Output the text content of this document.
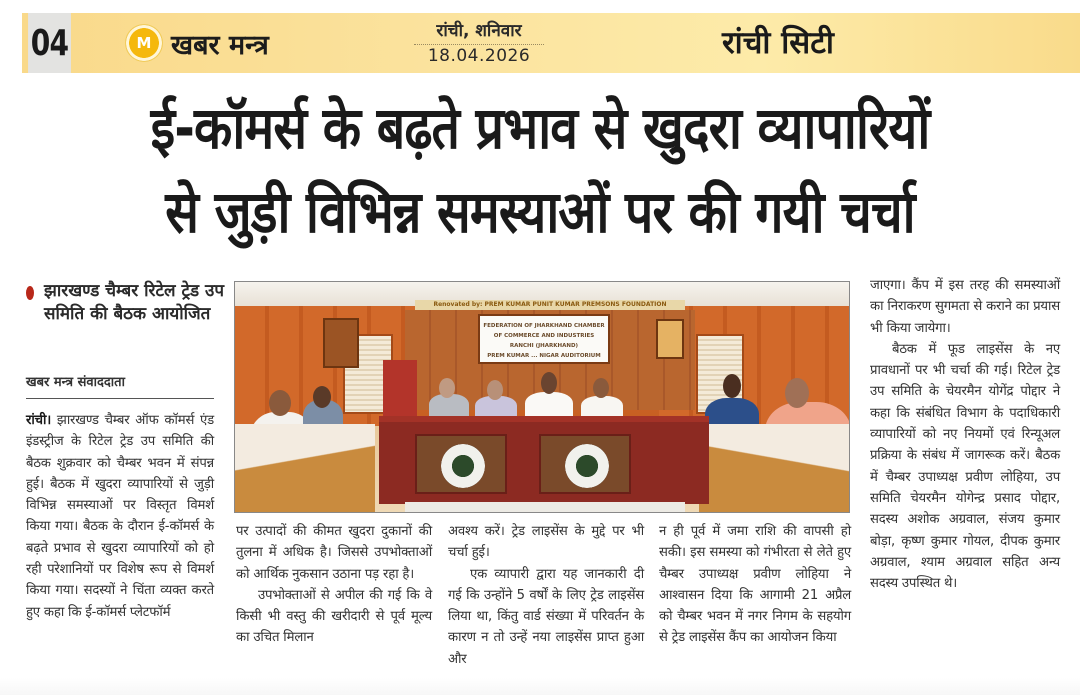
04	M खबर मन्त्र	रांची, शनिवार
18.04.2026	रांची सिटी
ई-कॉमर्स के बढ़ते प्रभाव से खुदरा व्यापारियों
से जुड़ी विभिन्न समस्याओं पर की गयी चर्चा
झारखण्ड चैम्बर रिटेल ट्रेड उप समिति की बैठक आयोजित
खबर मन्त्र संवाददाता

रांची। झारखण्ड चैम्बर ऑफ कॉमर्स एंड इंडस्ट्रीज के रिटेल ट्रेड उप समिति की बैठक शुक्रवार को चैम्बर भवन में संपन्न हुई। बैठक में खुदरा व्यापारियों से जुड़ी विभिन्न समस्याओं पर विस्तृत विमर्श किया गया। बैठक के दौरान ई-कॉमर्स के बढ़ते प्रभाव से खुदरा व्यापारियों को हो रही परेशानियों पर विशेष रूप से विमर्श किया गया। सदस्यों ने चिंता व्यक्त करते हुए कहा कि ई-कॉमर्स प्लेटफॉर्म

पर उत्पादों की कीमत खुदरा दुकानों की तुलना में अधिक है। जिससे उपभोक्ताओं को आर्थिक नुकसान उठाना पड़ रहा है।

उपभोक्ताओं से अपील की गई कि वे किसी भी वस्तु की खरीदारी से पूर्व मूल्य का उचित मिलान

अवश्य करें। ट्रेड लाइसेंस के मुद्दे पर भी चर्चा हुई।

एक व्यापारी द्वारा यह जानकारी दी गई कि उन्होंने 5 वर्षों के लिए ट्रेड लाइसेंस लिया था, किंतु वार्ड संख्या में परिवर्तन के कारण न तो उन्हें नया लाइसेंस प्राप्त हुआ और

न ही पूर्व में जमा राशि की वापसी हो सकी। इस समस्या को गंभीरता से लेते हुए चैम्बर उपाध्यक्ष प्रवीण लोहिया ने आश्वासन दिया कि आगामी 21 अप्रैल को चैम्बर भवन में नगर निगम के सहयोग से ट्रेड लाइसेंस कैंप का आयोजन किया

जाएगा। कैंप में इस तरह की समस्याओं का निराकरण सुगमता से कराने का प्रयास भी किया जायेगा।

बैठक में फूड लाइसेंस के नए प्रावधानों पर भी चर्चा की गई। रिटेल ट्रेड उप समिति के चेयरमैन योगेंद्र पोद्दार ने कहा कि संबंधित विभाग के पदाधिकारी व्यापारियों को नए नियमों एवं रिन्यूअल प्रक्रिया के संबंध में जागरूक करें। बैठक में चैम्बर उपाध्यक्ष प्रवीण लोहिया, उप समिति चेयरमैन योगेन्द्र प्रसाद पोद्दार, सदस्य अशोक अग्रवाल, संजय कुमार बोड़ा, कृष्ण कुमार गोयल, दीपक कुमार अग्रवाल, श्याम अग्रवाल सहित अन्य सदस्य उपस्थित थे।

Renovated by: PREM KUMAR PUNIT KUMAR PREMSONS FOUNDATION
FEDERATION OF JHARKHAND CHAMBER
OF COMMERCE AND INDUSTRIES
RANCHI (JHARKHAND)
PREM KUMAR ... NIGAR AUDITORIUM
